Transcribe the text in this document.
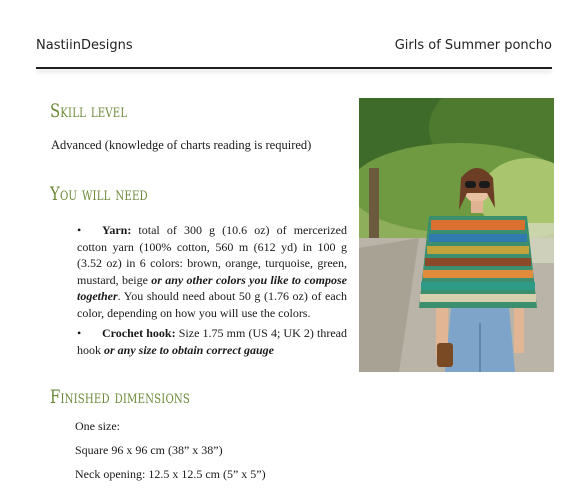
NastiinDesigns	Girls of Summer poncho
Skill level
Advanced (knowledge of charts reading is required)
You will need
•	Yarn: total of 300 g (10.6 oz) of mercerized cotton yarn (100% cotton, 560 m (612 yd) in 100 g (3.52 oz) in 6 colors: brown, orange, turquoise, green, mustard, beige or any other colors you like to compose together. You should need about 50 g (1.76 oz) of each color, depending on how you will use the colors.
•	Crochet hook: Size 1.75 mm (US 4; UK 2) thread hook or any size to obtain correct gauge
Finished dimensions
One size:
Square 96 x 96 cm (38” x 38”)
Neck opening: 12.5 x 12.5 cm (5” x 5”)
